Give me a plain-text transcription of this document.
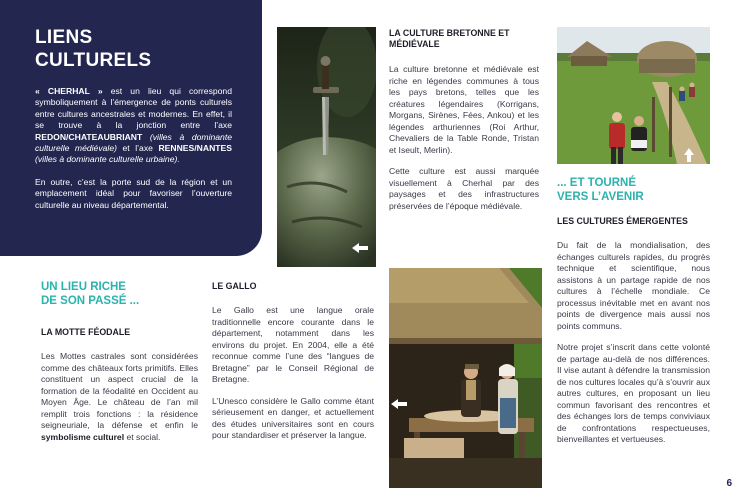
LIENS
CULTURELS

« CHERHAL » est un lieu qui correspond symboliquement à l’émergence de ponts culturels entre cultures ancestrales et modernes. En effet, il se trouve à la jonction entre l’axe REDON/CHATEAUBRIANT (villes à dominante culturelle médiévale) et l’axe RENNES/NANTES (villes à dominante culturelle urbaine).

En outre, c’est la porte sud de la région et un emplacement idéal pour favoriser l’ouverture culturelle au niveau départemental.

LA CULTURE BRETONNE ET
MÉDIÉVALE

La culture bretonne et médiévale est riche en légendes communes à tous les pays bretons, telles que les créatures légendaires (Korrigans, Morgans, Sirènes, Fées, Ankou) et les légendes arthuriennes (Roi Arthur, Chevaliers de la Table Ronde, Tristan et Iseult, Merlin).

Cette culture est aussi marquée visuellement à Cherhal par des paysages et des infrastructures préservées de l’époque médiévale.

UN LIEU RICHE
DE SON PASSÉ ...
LA MOTTE FÉODALE

Les Mottes castrales sont considérées comme des châteaux forts primitifs. Elles constituent un aspect crucial de la formation de la féodalité en Occident au Moyen Âge. Le château de l’an mil remplit trois fonctions : la résidence seigneuriale, la défense et enfin le symbolisme culturel et social.

LE GALLO

Le Gallo est une langue orale traditionnelle encore courante dans le département, notamment dans les environs du projet. En 2004, elle a été reconnue comme l’une des “langues de Bretagne” par le Conseil Régional de Bretagne.

L’Unesco considère le Gallo comme étant sérieusement en danger, et actuellement des études universitaires sont en cours pour standardiser et préserver la langue.

... ET TOURNÉ
VERS L’AVENIR
LES CULTURES ÉMERGENTES

Du fait de la mondialisation, des échanges culturels rapides, du progrès technique et scientifique, nous assistons à un partage rapide de nos cultures à l’échelle mondiale. Ce processus inévitable met en avant nos points de divergence mais aussi nos points communs.

Notre projet s’inscrit dans cette volonté de partage au-delà de nos différences. Il vise autant à défendre la transmission de nos cultures locales qu’à s’ouvrir aux autres cultures, en proposant un lieu commun favorisant des rencontres et des échanges lors de temps conviviaux de confrontations respectueuses, bienveillantes et vertueuses.

6
